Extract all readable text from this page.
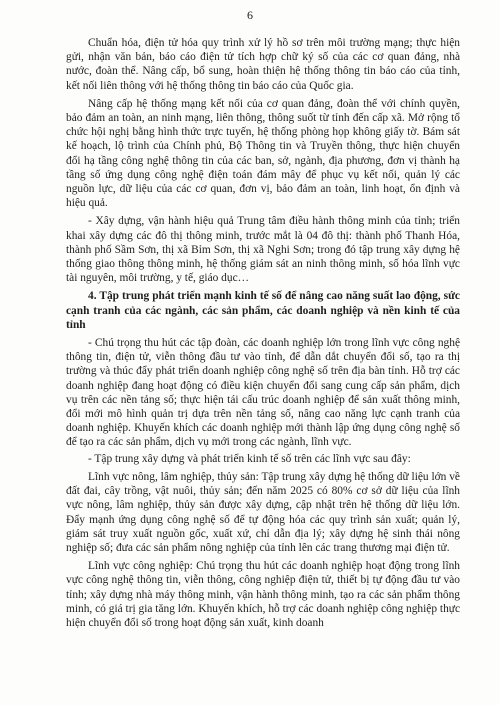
6

Chuẩn hóa, điện tử hóa quy trình xử lý hồ sơ trên môi trường mạng; thực hiện gửi, nhận văn bản, báo cáo điện tử tích hợp chữ ký số của các cơ quan đảng, nhà nước, đoàn thể. Nâng cấp, bổ sung, hoàn thiện hệ thống thông tin báo cáo của tỉnh, kết nối liên thông với hệ thống thông tin báo cáo của Quốc gia.

Nâng cấp hệ thống mạng kết nối của cơ quan đảng, đoàn thể với chính quyền, bảo đảm an toàn, an ninh mạng, liên thông, thông suốt từ tỉnh đến cấp xã. Mở rộng tổ chức hội nghị bằng hình thức trực tuyến, hệ thống phòng họp không giấy tờ. Bám sát kế hoạch, lộ trình của Chính phủ, Bộ Thông tin và Truyền thông, thực hiện chuyển đổi hạ tầng công nghệ thông tin của các ban, sở, ngành, địa phương, đơn vị thành hạ tầng số ứng dụng công nghệ điện toán đám mây để phục vụ kết nối, quản lý các nguồn lực, dữ liệu của các cơ quan, đơn vị, bảo đảm an toàn, linh hoạt, ổn định và hiệu quả.

- Xây dựng, vận hành hiệu quả Trung tâm điều hành thông minh của tỉnh; triển khai xây dựng các đô thị thông minh, trước mắt là 04 đô thị: thành phố Thanh Hóa, thành phố Sầm Sơn, thị xã Bỉm Sơn, thị xã Nghi Sơn; trong đó tập trung xây dựng hệ thống giao thông thông minh, hệ thống giám sát an ninh thông minh, số hóa lĩnh vực tài nguyên, môi trường, y tế, giáo dục…

4. Tập trung phát triển mạnh kinh tế số để nâng cao năng suất lao động, sức cạnh tranh của các ngành, các sản phẩm, các doanh nghiệp và nền kinh tế của tỉnh

- Chú trọng thu hút các tập đoàn, các doanh nghiệp lớn trong lĩnh vực công nghệ thông tin, điện tử, viễn thông đầu tư vào tỉnh, để dẫn dắt chuyển đổi số, tạo ra thị trường và thúc đẩy phát triển doanh nghiệp công nghệ số trên địa bàn tỉnh. Hỗ trợ các doanh nghiệp đang hoạt động có điều kiện chuyển đổi sang cung cấp sản phẩm, dịch vụ trên các nền tảng số; thực hiện tái cấu trúc doanh nghiệp để sản xuất thông minh, đổi mới mô hình quản trị dựa trên nền tảng số, nâng cao năng lực cạnh tranh của doanh nghiệp. Khuyến khích các doanh nghiệp mới thành lập ứng dụng công nghệ số để tạo ra các sản phẩm, dịch vụ mới trong các ngành, lĩnh vực.

- Tập trung xây dựng và phát triển kinh tế số trên các lĩnh vực sau đây:

Lĩnh vực nông, lâm nghiệp, thủy sản: Tập trung xây dựng hệ thống dữ liệu lớn về đất đai, cây trồng, vật nuôi, thủy sản; đến năm 2025 có 80% cơ sở dữ liệu của lĩnh vực nông, lâm nghiệp, thủy sản được xây dựng, cập nhật trên hệ thống dữ liệu lớn. Đẩy mạnh ứng dụng công nghệ số để tự động hóa các quy trình sản xuất; quản lý, giám sát truy xuất nguồn gốc, xuất xứ, chỉ dẫn địa lý; xây dựng hệ sinh thái nông nghiệp số; đưa các sản phẩm nông nghiệp của tỉnh lên các trang thương mại điện tử.

Lĩnh vực công nghiệp: Chú trọng thu hút các doanh nghiệp hoạt động trong lĩnh vực công nghệ thông tin, viễn thông, công nghiệp điện tử, thiết bị tự động đầu tư vào tỉnh; xây dựng nhà máy thông minh, vận hành thông minh, tạo ra các sản phẩm thông minh, có giá trị gia tăng lớn. Khuyến khích, hỗ trợ các doanh nghiệp công nghiệp thực hiện chuyển đổi số trong hoạt động sản xuất, kinh doanh
